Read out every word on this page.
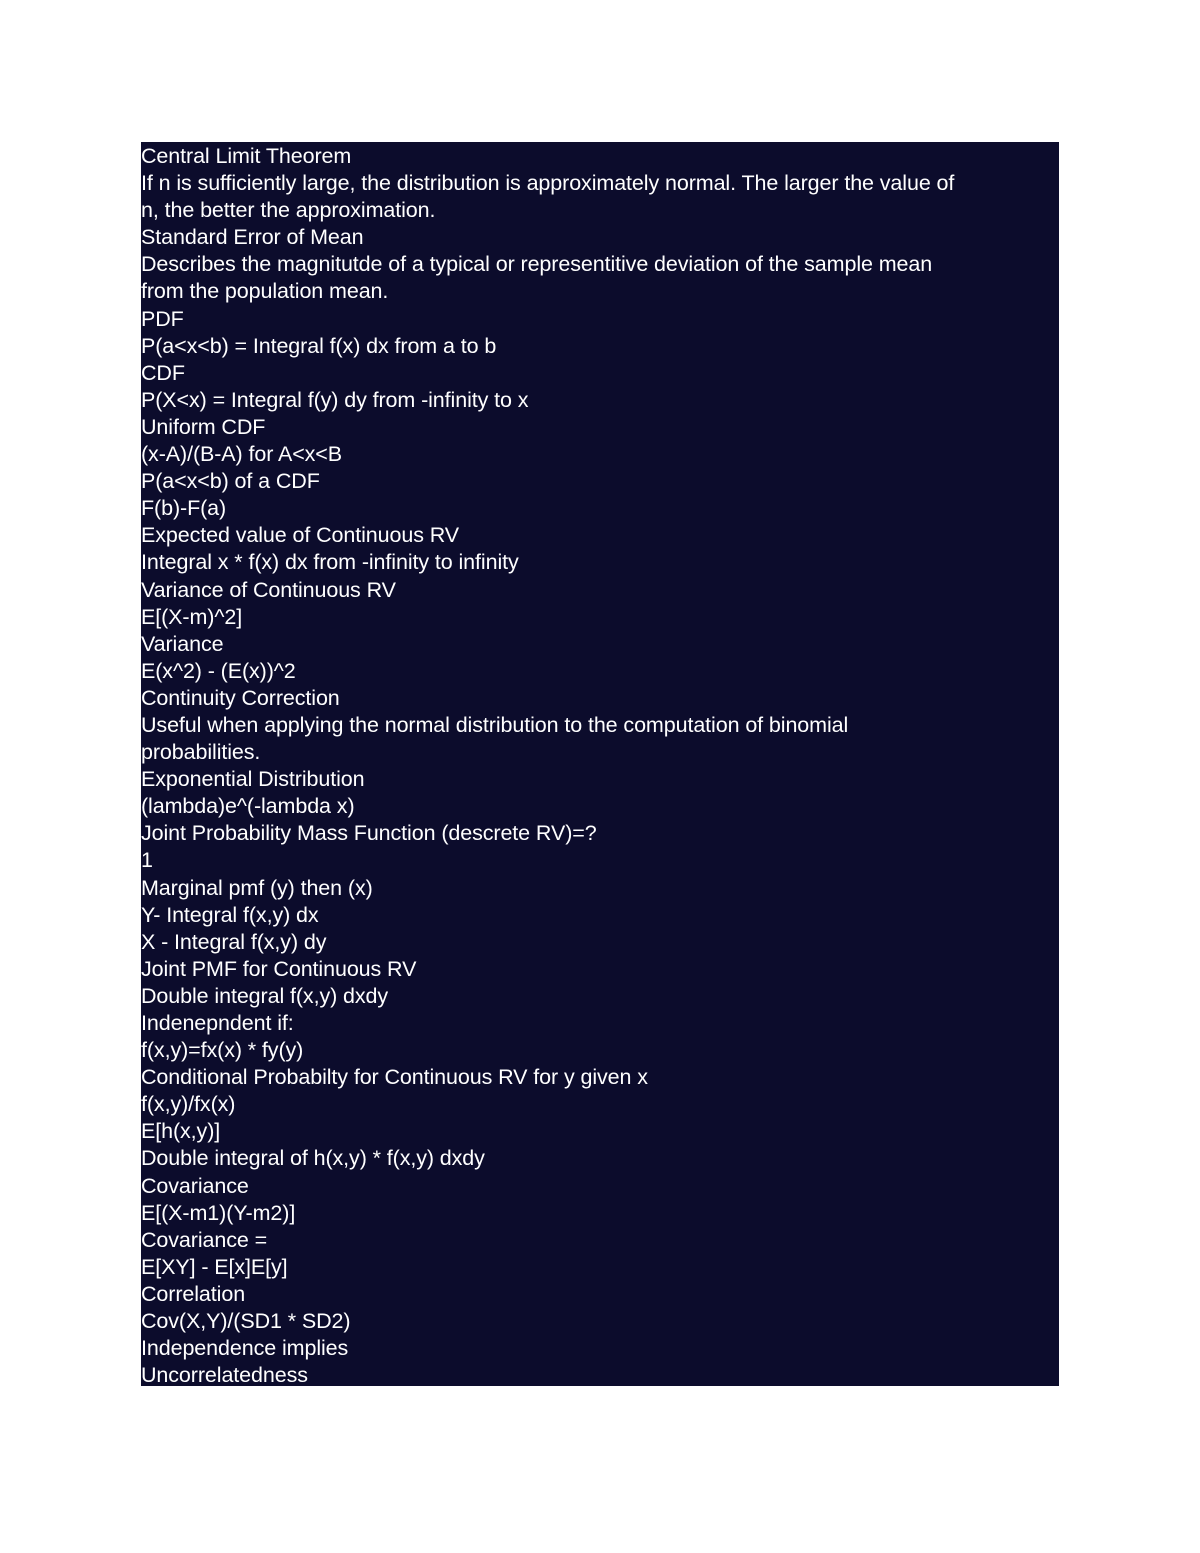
Central Limit Theorem
If n is sufficiently large, the distribution is approximately normal. The larger the value of
n, the better the approximation.
Standard Error of Mean
Describes the magnitutde of a typical or representitive deviation of the sample mean
from the population mean.
PDF
P(a<x<b) = Integral f(x) dx from a to b
CDF
P(X<x) = Integral f(y) dy from -infinity to x
Uniform CDF
(x-A)/(B-A) for A<x<B
P(a<x<b) of a CDF
F(b)-F(a)
Expected value of Continuous RV
Integral x * f(x) dx from -infinity to infinity
Variance of Continuous RV
E[(X-m)^2]
Variance
E(x^2) - (E(x))^2
Continuity Correction
Useful when applying the normal distribution to the computation of binomial
probabilities.
Exponential Distribution
(lambda)e^(-lambda x)
Joint Probability Mass Function (descrete RV)=?
1
Marginal pmf (y) then (x)
Y- Integral f(x,y) dx
X - Integral f(x,y) dy
Joint PMF for Continuous RV
Double integral f(x,y) dxdy
Indenepndent if:
f(x,y)=fx(x) * fy(y)
Conditional Probabilty for Continuous RV for y given x
f(x,y)/fx(x)
E[h(x,y)]
Double integral of h(x,y) * f(x,y) dxdy
Covariance
E[(X-m1)(Y-m2)]
Covariance =
E[XY] - E[x]E[y]
Correlation
Cov(X,Y)/(SD1 * SD2)
Independence implies
Uncorrelatedness
